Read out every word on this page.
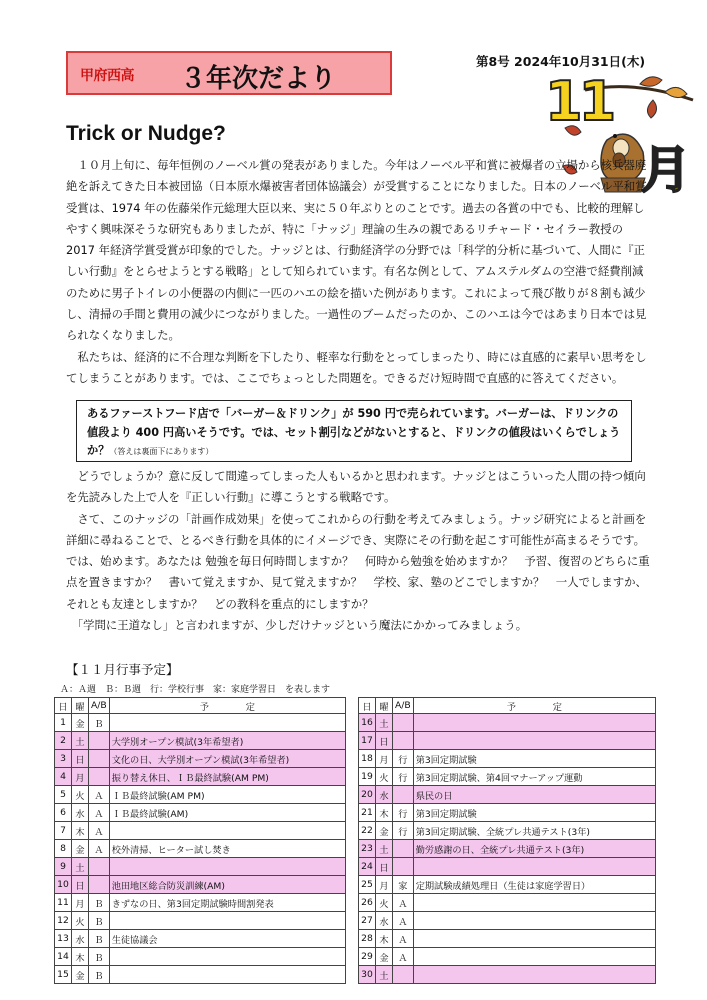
甲府西高 ３年次だより
第8号 2024年10月31日(木)
11
月
Trick or Nudge?

　１０月上旬に、毎年恒例のノーベル賞の発表がありました。今年はノーベル平和賞に被爆者の立場から核兵器廃絶を訴えてきた日本被団協（日本原水爆被害者団体協議会）が受賞することになりました。日本のノーベル平和賞受賞は、1974 年の佐藤栄作元総理大臣以来、実に５０年ぶりとのことです。過去の各賞の中でも、比較的理解しやすく興味深そうな研究もありましたが、特に「ナッジ」理論の生みの親であるリチャード・セイラー教授の 2017 年経済学賞受賞が印象的でした。ナッジとは、行動経済学の分野では「科学的分析に基づいて、人間に『正しい行動』をとらせようとする戦略」として知られています。有名な例として、アムステルダムの空港で経費削減のために男子トイレの小便器の内側に一匹のハエの絵を描いた例があります。これによって飛び散りが８割も減少し、清掃の手間と費用の減少につながりました。一過性のブームだったのか、このハエは今ではあまり日本では見られなくなりました。

　私たちは、経済的に不合理な判断を下したり、軽率な行動をとってしまったり、時には直感的に素早い思考をしてしまうことがあります。では、ここでちょっとした問題を。できるだけ短時間で直感的に答えてください。

あるファーストフード店で「バーガー＆ドリンク」が 590 円で売られています。バーガーは、ドリンクの値段より 400 円高いそうです。では、セット割引などがないとすると、ドリンクの値段はいくらでしょうか？（答えは裏面下にあります）

　どうでしょうか？意に反して間違ってしまった人もいるかと思われます。ナッジとはこういった人間の持つ傾向を先読みした上で人を『正しい行動』に導こうとする戦略です。
　さて、このナッジの「計画作成効果」を使ってこれからの行動を考えてみましょう。ナッジ研究によると計画を詳細に尋ねることで、とるべき行動を具体的にイメージでき、実際にその行動を起こす可能性が高まるそうです。では、始めます。あなたは 勉強を毎日何時間しますか？　何時から勉強を始めますか？　予習、復習のどちらに重点を置きますか？　書いて覚えますか、見て覚えますか？　学校、家、塾のどこでしますか？　一人でしますか、それとも友達としますか？　どの教科を重点的にしますか？
　「学問に王道なし」と言われますが、少しだけナッジという魔法にかかってみましょう。

【１１月行事予定】
Ａ：Ａ週　Ｂ：Ｂ週　行：学校行事　家：家庭学習日　を表します
日	曜	A/B	予　　　　定
1	金	Ｂ	
2	土		大学別オープン模試(3年希望者)
3	日		文化の日、大学別オープン模試(3年希望者)
4	月		振り替え休日、ＩＢ最終試験(AM PM)
5	火	Ａ	ＩＢ最終試験(AM PM)
6	水	Ａ	ＩＢ最終試験(AM)
7	木	Ａ	
8	金	Ａ	校外清掃、ヒーター試し焚き
9	土		
10	日		池田地区総合防災訓練(AM)
11	月	Ｂ	きずなの日、第3回定期試験時間割発表
12	火	Ｂ	
13	水	Ｂ	生徒協議会
14	木	Ｂ	
15	金	Ｂ	
日	曜	A/B	予　　　　定
16	土		
17	日		
18	月	行	第3回定期試験
19	火	行	第3回定期試験、第4回マナーアップ運動
20	水		県民の日
21	木	行	第3回定期試験
22	金	行	第3回定期試験、全統プレ共通テスト(3年)
23	土		勤労感謝の日、全統プレ共通テスト(3年)
24	日		
25	月	家	定期試験成績処理日（生徒は家庭学習日）
26	火	Ａ	
27	水	Ａ	
28	木	Ａ	
29	金	Ａ	
30	土		
